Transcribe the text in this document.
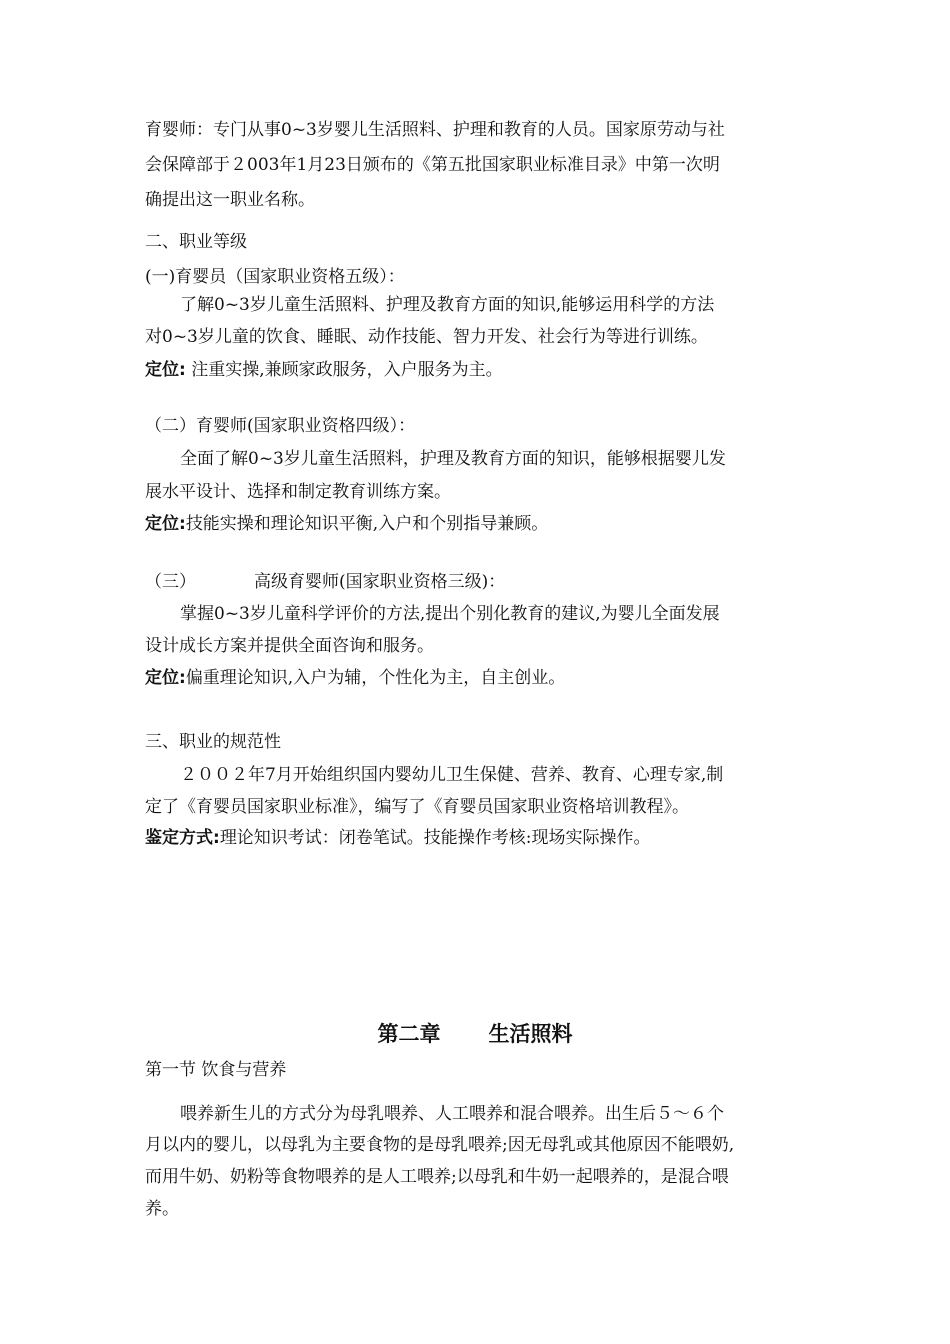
育婴师：专门从事0~3岁婴儿生活照料、护理和教育的人员。国家原劳动与社

会保障部于２003年1月23日颁布的《第五批国家职业标准目录》中第一次明

确提出这一职业名称。

二、职业等级

(一)育婴员（国家职业资格五级）：

了解0~3岁儿童生活照料、护理及教育方面的知识,能够运用科学的方法

对0~3岁儿童的饮食、睡眠、动作技能、智力开发、社会行为等进行训练。

定位: 注重实操,兼顾家政服务，入户服务为主。

（二）育婴师(国家职业资格四级）：

全面了解0~3岁儿童生活照料，护理及教育方面的知识，能够根据婴儿发

展水平设计、选择和制定教育训练方案。

定位:技能实操和理论知识平衡,入户和个别指导兼顾。

（三）	高级育婴师(国家职业资格三级)：

掌握0~3岁儿童科学评价的方法,提出个别化教育的建议,为婴儿全面发展

设计成长方案并提供全面咨询和服务。

定位:偏重理论知识,入户为辅，个性化为主，自主创业。

三、职业的规范性

２００２年7月开始组织国内婴幼儿卫生保健、营养、教育、心理专家,制

定了《育婴员国家职业标准》，编写了《育婴员国家职业资格培训教程》。

鉴定方式:理论知识考试：闭卷笔试。技能操作考核:现场实际操作。

第二章 生活照料

第一节 饮食与营养

喂养新生儿的方式分为母乳喂养、人工喂养和混合喂养。出生后５～６个

月以内的婴儿，以母乳为主要食物的是母乳喂养;因无母乳或其他原因不能喂奶,

而用牛奶、奶粉等食物喂养的是人工喂养;以母乳和牛奶一起喂养的，是混合喂

养。
